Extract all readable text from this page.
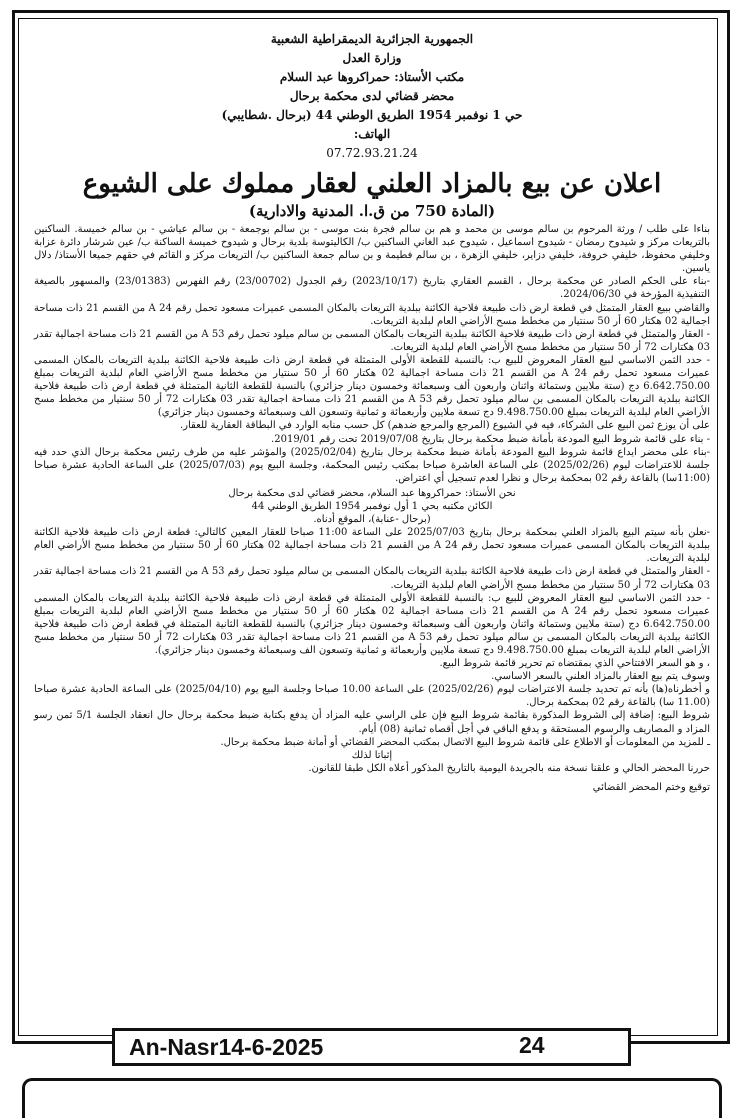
الجمهورية الجزائرية الديمقراطية الشعبية
وزارة العدل
مكتب الأستاذ: حمراكروها عبد السلام
محضر قضائي لدى محكمة برحال
حي 1 نوفمبر 1954 الطريق الوطني 44 (برحال .شطايبي)
الهاتف:
07.72.93.21.24
اعلان عن بيع بالمزاد العلني لعقار مملوك على الشيوع
(المادة 750 من ق.ا. المدنية والادارية)

بناءا على طلب / ورثة المرحوم بن سالم موسى بن محمد و هم بن سالم فجرة بنت موسى - بن سالم بوجمعة - بن سالم عياشي - بن سالم خميسة. الساكنين بالتريعات مركز و شيدوح رمضان - شيدوح اسماعيل ، شيدوح عبد الغاني الساكنين ب/ الكاليتوسة بلدية برحال و شيدوح خميسة الساكنة ب/ عين شرشار دائرة عزابة وخليفي محفوظ، خليفي خروفة، خليفي دزاير، خليفي الزهرة ، بن سالم فطيمة و بن سالم جمعة الساكنين ب/ التريعات مركز و القائم في حقهم جميعا الأستاذ/ دلال ياسين.

-بناء على الحكم الصادر عن محكمة برحال ، القسم العقاري بتاريخ (2023/10/17) رقم الجدول (23/00702) رقم الفهرس (23/01383) والمسهور بالصيغة التنفيذية المؤرخة في 2024/06/30.

والقاضي ببيع العقار المتمثل في قطعة ارض ذات طبيعة فلاحية الكائنة ببلدية التريعات بالمكان المسمى عميرات مسعود تحمل رقم 24 A من القسم 21 ذات مساحة اجمالية 02 هكتار 60 أر 50 سنتيار من مخطط مسح الأراضي العام لبلدية التريعات.

- العقار والمتمثل في قطعة ارض ذات طبيعة فلاحية الكائنة ببلدية التريعات بالمكان المسمى بن سالم ميلود تحمل رقم 53 A من القسم 21 ذات مساحة اجمالية تقدر 03 هكتارات 72 أر 50 سنتيار من مخطط مسح الأراضي العام لبلدية التريعات.

- حدد الثمن الاساسي لبيع العقار المعروض للبيع ب: بالنسبة للقطعة الأولى المتمثلة في قطعة ارض ذات طبيعة فلاحية الكائنة ببلدية التريعات بالمكان المسمى عميرات مسعود تحمل رقم 24 A من القسم 21 ذات مساحة اجمالية 02 هكتار 60 أر 50 سنتيار من مخطط مسح الأراضي العام لبلدية التريعات بمبلغ 6.642.750.00 دج (ستة ملايين وستمائة واثنان واربعون ألف وسبعمائة وخمسون دينار جزائري) بالنسبة للقطعة الثانية المتمثلة في قطعة ارض ذات طبيعة فلاحية الكائنة ببلدية التريعات بالمكان المسمى بن سالم ميلود تحمل رقم 53 A من القسم 21 ذات مساحة اجمالية تقدر 03 هكتارات 72 أر 50 سنتيار من مخطط مسح الأراضي العام لبلدية التريعات بمبلغ 9.498.750.00 دج تسعة ملايين وأربعمائة و ثمانية وتسعون الف وسبعمائة وخمسون دينار جزائري)

على أن يوزع ثمن البيع على الشركاء، فيه في الشيوع (المرجع والمرجع ضدهم) كل حسب منابه الوارد في البطاقة العقارية للعقار.

- بناء على قائمة شروط البيع المودعة بأمانة ضبط محكمة برحال بتاريخ 2019/07/08 تحت رقم 2019/01.

-بناء على محضر ايداع قائمة شروط البيع المودعة بأمانة ضبط محكمة برحال بتاريخ (2025/02/04) والمؤشر عليه من طرف رئيس محكمة برحال الذي حدد فيه جلسة للاعتراضات ليوم (2025/02/26) على الساعة العاشرة صباحا بمكتب رئيس المحكمة، وجلسة البيع يوم (2025/07/03) على الساعة الحادية عشرة صباحا (11:00سا) بالقاعة رقم 02 بمحكمة برحال و نظرا لعدم تسجيل أي اعتراض.

نحن الأستاذ: حمراكروها عبد السلام، محضر قضائي لدى محكمة برحال
الكائن مكتبه بحي 1 أول نوفمبر 1954 الطريق الوطني 44
(برحال -عنابة)، الموقع أدناه.

-نعلن بأنه سيتم البيع بالمزاد العلني بمحكمة برحال بتاريخ 2025/07/03 على الساعة 11:00 صباحا للعقار المعين كالتالي: قطعة ارض ذات طبيعة فلاحية الكائنة ببلدية التريعات بالمكان المسمى عميرات مسعود تحمل رقم 24 A من القسم 21 ذات مساحة اجمالية 02 هكتار 60 أر 50 سنتيار من مخطط مسح الأراضي العام لبلدية التريعات.

- العقار والمتمثل في قطعة ارض ذات طبيعة فلاحية الكائنة ببلدية التريعات بالمكان المسمى بن سالم ميلود تحمل رقم 53 A من القسم 21 ذات مساحة اجمالية تقدر 03 هكتارات 72 أر 50 سنتيار من مخطط مسح الأراضي العام لبلدية التريعات.

- حدد الثمن الاساسي لبيع العقار المعروض للبيع ب: بالنسبة للقطعة الأولى المتمثلة في قطعة ارض ذات طبيعة فلاحية الكائنة ببلدية التريعات بالمكان المسمى عميرات مسعود تحمل رقم 24 A من القسم 21 ذات مساحة اجمالية 02 هكتار 60 أر 50 سنتيار من مخطط مسح الأراضي العام لبلدية التريعات بمبلغ 6.642.750.00 دج (ستة ملايين وستمائة واثنان واربعون ألف وسبعمائة وخمسون دينار جزائري) بالنسبة للقطعة الثانية المتمثلة في قطعة ارض ذات طبيعة فلاحية الكائنة ببلدية التريعات بالمكان المسمى بن سالم ميلود تحمل رقم 53 A من القسم 21 ذات مساحة اجمالية تقدر 03 هكتارات 72 أر 50 سنتيار من مخطط مسح الأراضي العام لبلدية التريعات بمبلغ 9.498.750.00 دج تسعة ملايين وأربعمائة و ثمانية وتسعون الف وسبعمائة وخمسون دينار جزائري).

، و هو السعر الافتتاحي الذي بمقتضاه تم تحرير قائمة شروط البيع.

وسوف يتم بيع العقار بالمزاد العلني بالسعر الاساسي.

و أخطرناه(ها) بأنه تم تحديد جلسة الاعتراضات ليوم (2025/02/26) على الساعة 10.00 صباحا وجلسة البيع يوم (2025/04/10) على الساعة الحادية عشرة صباحا (11.00 سا) بالقاعة رقم 02 بمحكمة برحال.

شروط البيع: إضافة إلى الشروط المذكورة بقائمة شروط البيع فإن على الراسي عليه المزاد أن يدفع بكتابة ضبط محكمة برحال حال انعقاد الجلسة 5/1 ثمن رسو المزاد و المصاريف والرسوم المستحقة و يدفع الباقي في أجل أقصاه ثمانية (08) أيام.

ـ للمزيد من المعلومات أو الاطلاع على قائمة شروط البيع الاتصال بمكتب المحضر القضائي أو أمانة ضبط محكمة برحال.

إثباتا لذلك

حررنا المحضر الحالي و علقنا نسخة منه بالجريدة اليومية بالتاريخ المذكور أعلاه الكل طبقا للقانون.

توقيع وختم المحضر القضائي

An-Nasr14-6-2025	24
